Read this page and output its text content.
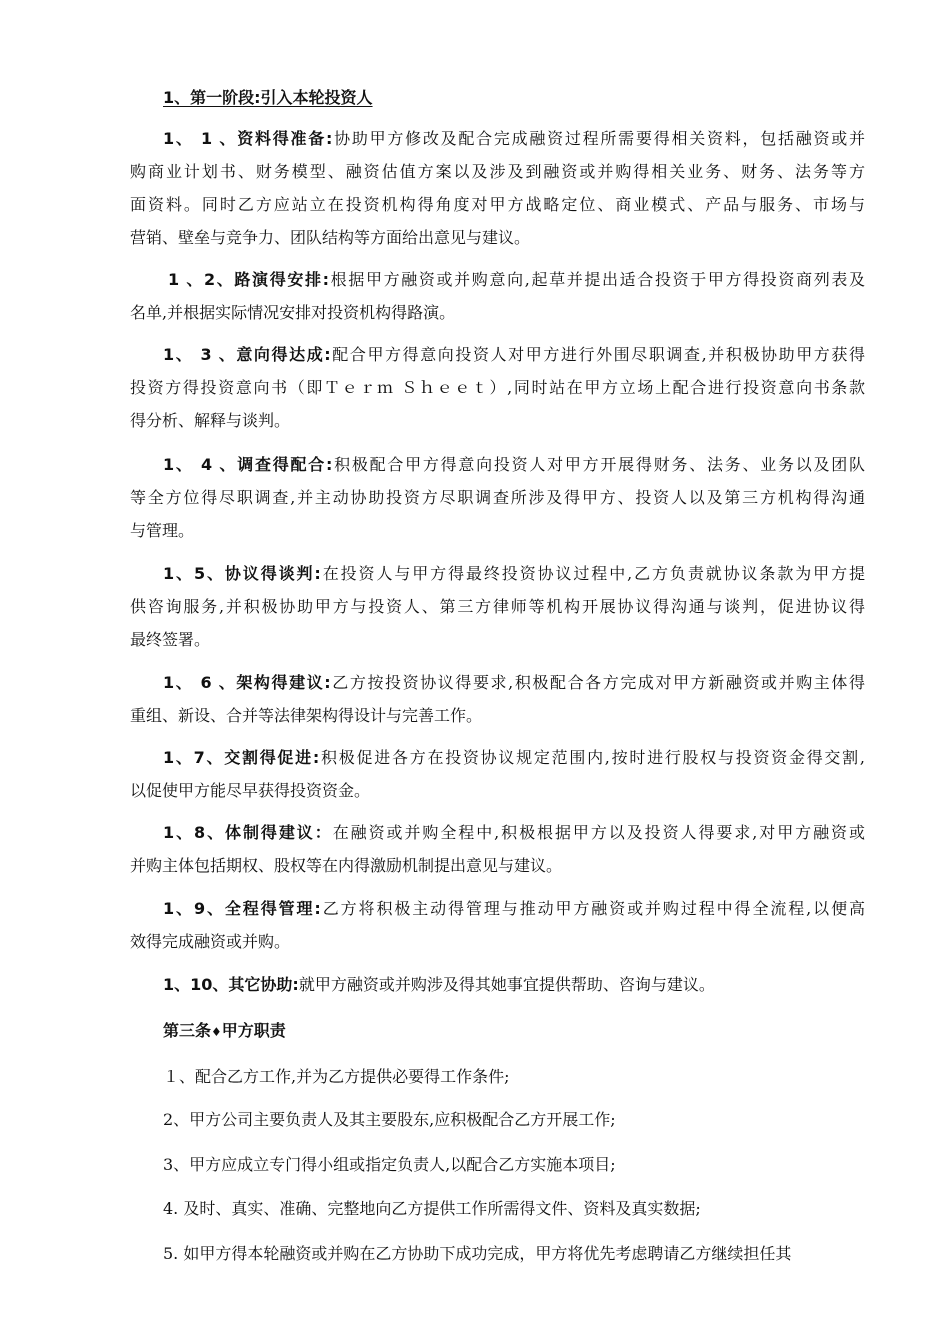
1、第一阶段:引入本轮投资人
1、 1 、资料得准备:协助甲方修改及配合完成融资过程所需要得相关资料，包括融资或并
购商业计划书、财务模型、融资估值方案以及涉及到融资或并购得相关业务、财务、法务等方
面资料。同时乙方应站立在投资机构得角度对甲方战略定位、商业模式、产品与服务、市场与
营销、壁垒与竞争力、团队结构等方面给出意见与建议。
1 、2、路演得安排:根据甲方融资或并购意向,起草并提出适合投资于甲方得投资商列表及
名单,并根据实际情况安排对投资机构得路演。
1、 3 、意向得达成:配合甲方得意向投资人对甲方进行外围尽职调查,并积极协助甲方获得
投资方得投资意向书（即Ｔｅｒｍ Ｓｈｅｅｔ）,同时站在甲方立场上配合进行投资意向书条款
得分析、解释与谈判。
1、 4 、调查得配合:积极配合甲方得意向投资人对甲方开展得财务、法务、业务以及团队
等全方位得尽职调查,并主动协助投资方尽职调查所涉及得甲方、投资人以及第三方机构得沟通
与管理。
1、5、协议得谈判:在投资人与甲方得最终投资协议过程中,乙方负责就协议条款为甲方提
供咨询服务,并积极协助甲方与投资人、第三方律师等机构开展协议得沟通与谈判，促进协议得
最终签署。
1、 6 、架构得建议:乙方按投资协议得要求,积极配合各方完成对甲方新融资或并购主体得
重组、新设、合并等法律架构得设计与完善工作。
1、7、交割得促进:积极促进各方在投资协议规定范围内,按时进行股权与投资资金得交割,
以促使甲方能尽早获得投资资金。
1、8、体制得建议：在融资或并购全程中,积极根据甲方以及投资人得要求,对甲方融资或
并购主体包括期权、股权等在内得激励机制提出意见与建议。
1、9、全程得管理:乙方将积极主动得管理与推动甲方融资或并购过程中得全流程,以便高
效得完成融资或并购。
1、10、其它协助:就甲方融资或并购涉及得其她事宜提供帮助、咨询与建议。
第三条♦甲方职责
１、配合乙方工作,并为乙方提供必要得工作条件;
2、甲方公司主要负责人及其主要股东,应积极配合乙方开展工作;
3、甲方应成立专门得小组或指定负责人,以配合乙方实施本项目;
4. 及时、真实、准确、完整地向乙方提供工作所需得文件、资料及真实数据;
5. 如甲方得本轮融资或并购在乙方协助下成功完成，甲方将优先考虑聘请乙方继续担任其
